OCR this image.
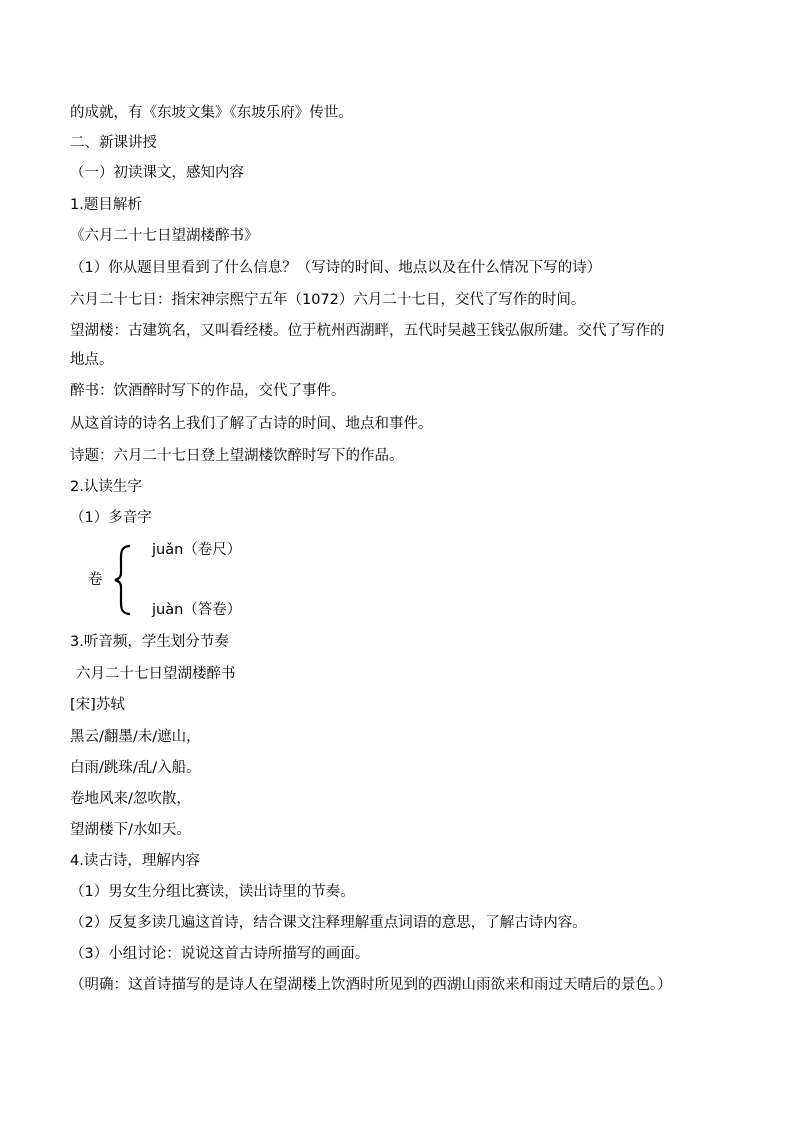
的成就，有《东坡文集》《东坡乐府》传世。
二、新课讲授
（一）初读课文，感知内容
1.题目解析
《六月二十七日望湖楼醉书》
（1）你从题目里看到了什么信息？（写诗的时间、地点以及在什么情况下写的诗）
六月二十七日：指宋神宗熙宁五年（1072）六月二十七日，交代了写作的时间。
望湖楼：古建筑名，又叫看经楼。位于杭州西湖畔，五代时吴越王钱弘俶所建。交代了写作的
地点。
醉书：饮酒醉时写下的作品，交代了事件。
从这首诗的诗名上我们了解了古诗的时间、地点和事件。
诗题：六月二十七日登上望湖楼饮醉时写下的作品。
2.认读生字
（1）多音字
juǎn（卷尺）
卷
juàn（答卷）
3.听音频，学生划分节奏
六月二十七日望湖楼醉书
[宋]苏轼
黑云/翻墨/未/遮山，
白雨/跳珠/乱/入船。
卷地风来/忽吹散，
望湖楼下/水如天。
4.读古诗，理解内容
（1）男女生分组比赛读，读出诗里的节奏。
（2）反复多读几遍这首诗，结合课文注释理解重点词语的意思，了解古诗内容。
（3）小组讨论：说说这首古诗所描写的画面。
（明确：这首诗描写的是诗人在望湖楼上饮酒时所见到的西湖山雨欲来和雨过天晴后的景色。）
